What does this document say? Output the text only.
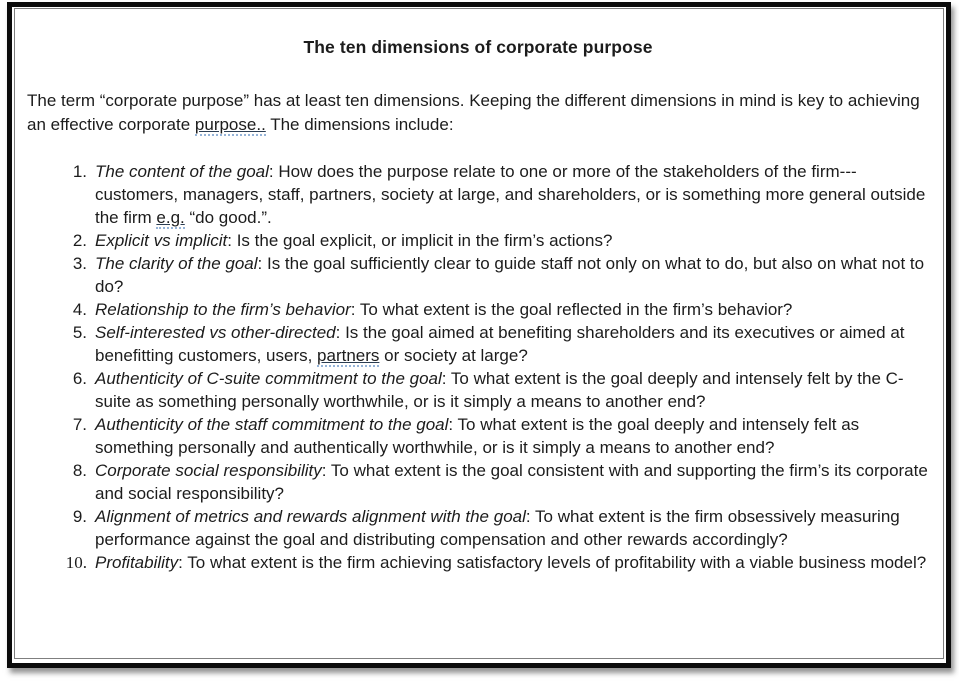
The ten dimensions of corporate purpose

The term “corporate purpose” has at least ten dimensions. Keeping the different dimensions in mind is key to achieving an effective corporate purpose.. The dimensions include:

1. The content of the goal: How does the purpose relate to one or more of the stakeholders of the firm---customers, managers, staff, partners, society at large, and shareholders, or is something more general outside the firm e.g. “do good.”.
2. Explicit vs implicit: Is the goal explicit, or implicit in the firm’s actions?
3. The clarity of the goal: Is the goal sufficiently clear to guide staff not only on what to do, but also on what not to do?
4. Relationship to the firm’s behavior: To what extent is the goal reflected in the firm’s behavior?
5. Self-interested vs other-directed: Is the goal aimed at benefiting shareholders and its executives or aimed at benefitting customers, users, partners or society at large?
6. Authenticity of C-suite commitment to the goal: To what extent is the goal deeply and intensely felt by the C-suite as something personally worthwhile, or is it simply a means to another end?
7. Authenticity of the staff commitment to the goal: To what extent is the goal deeply and intensely felt as something personally and authentically worthwhile, or is it simply a means to another end?
8. Corporate social responsibility: To what extent is the goal consistent with and supporting the firm’s its corporate and social responsibility?
9. Alignment of metrics and rewards alignment with the goal: To what extent is the firm obsessively measuring performance against the goal and distributing compensation and other rewards accordingly?
10. Profitability: To what extent is the firm achieving satisfactory levels of profitability with a viable business model?
